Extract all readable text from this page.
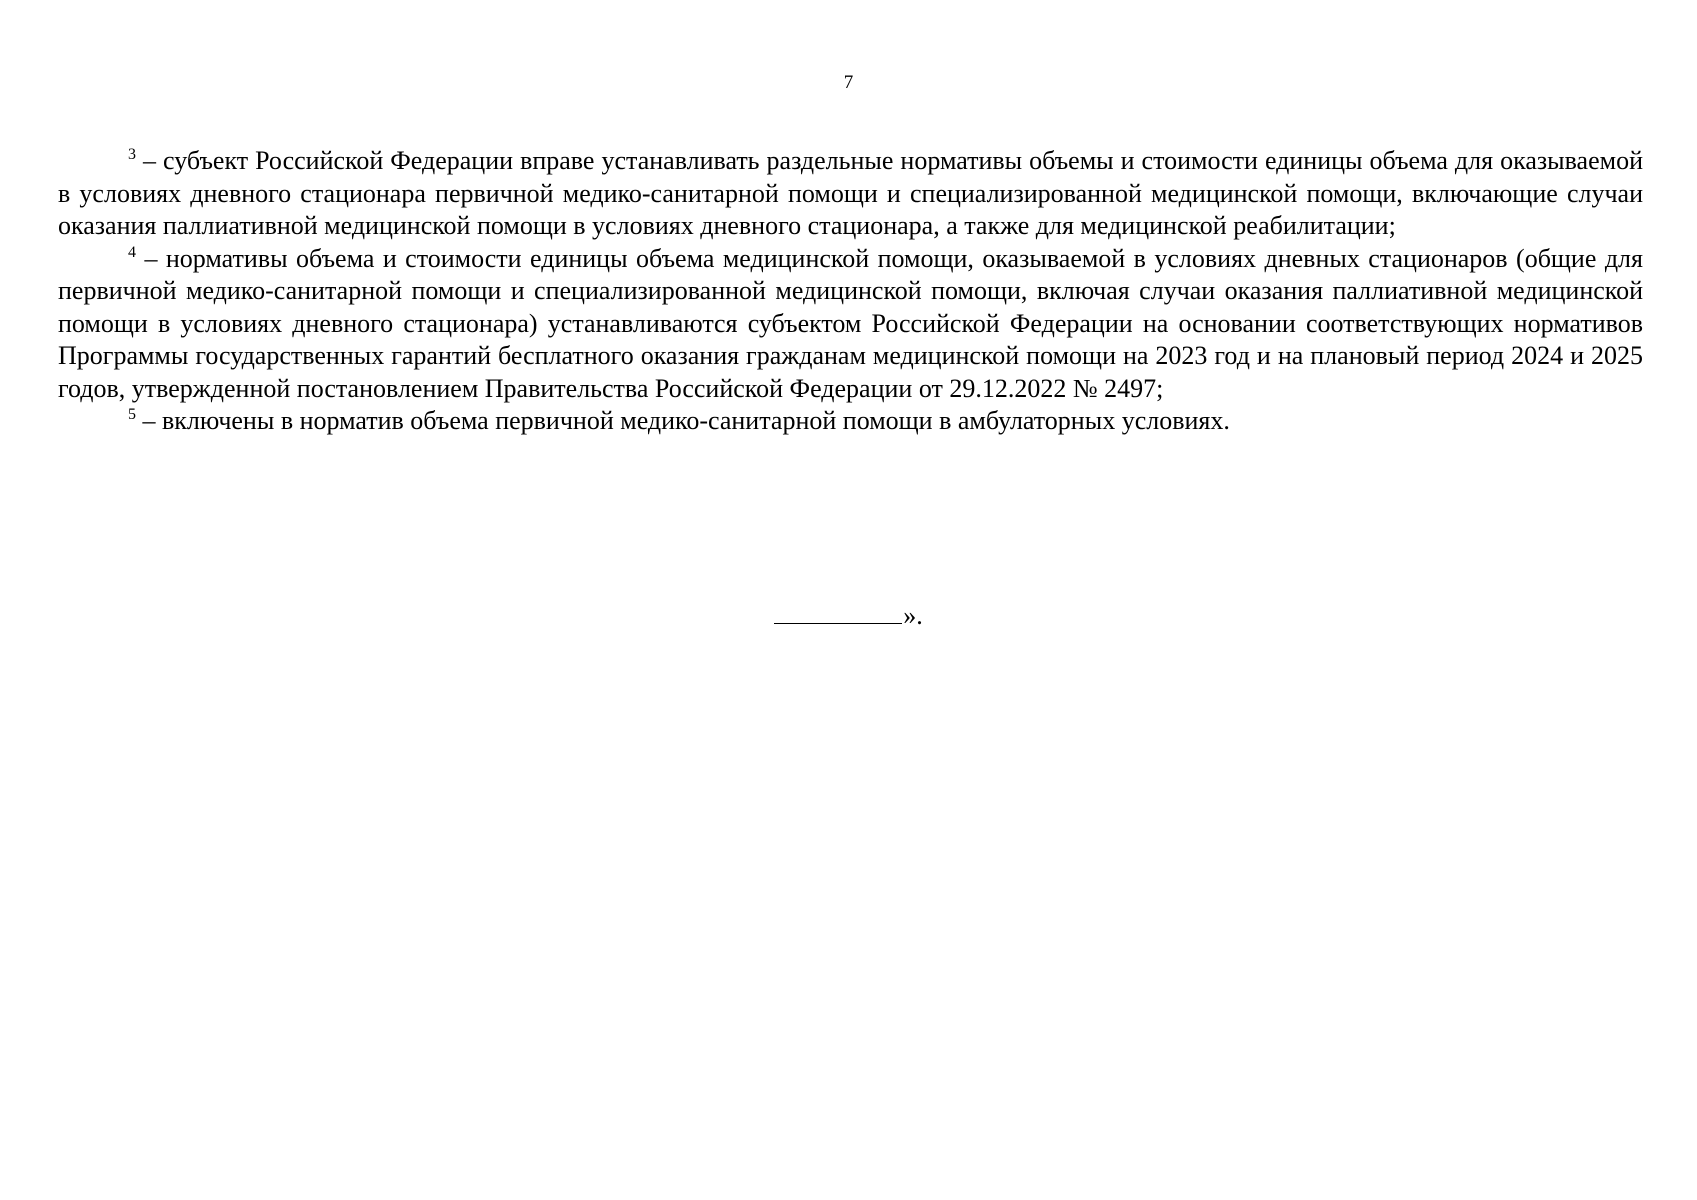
7

$^3$ – субъект Российской Федерации вправе устанавливать раздельные нормативы объемы и стоимости единицы объема для оказываемой в условиях дневного стационара первичной медико-санитарной помощи и специализированной медицинской помощи, включающие случаи оказания паллиативной медицинской помощи в условиях дневного стационара, а также для медицинской реабилитации;

$^4$ – нормативы объема и стоимости единицы объема медицинской помощи, оказываемой в условиях дневных стационаров (общие для первичной медико-санитарной помощи и специализированной медицинской помощи, включая случаи оказания паллиативной медицинской помощи в условиях дневного стационара) устанавливаются субъектом Российской Федерации на основании соответствующих нормативов Программы государственных гарантий бесплатного оказания гражданам медицинской помощи на 2023 год и на плановый период 2024 и 2025 годов, утвержденной постановлением Правительства Российской Федерации от 29.12.2022 № 2497;

$^5$ – включены в норматив объема первичной медико-санитарной помощи в амбулаторных условиях.

».
